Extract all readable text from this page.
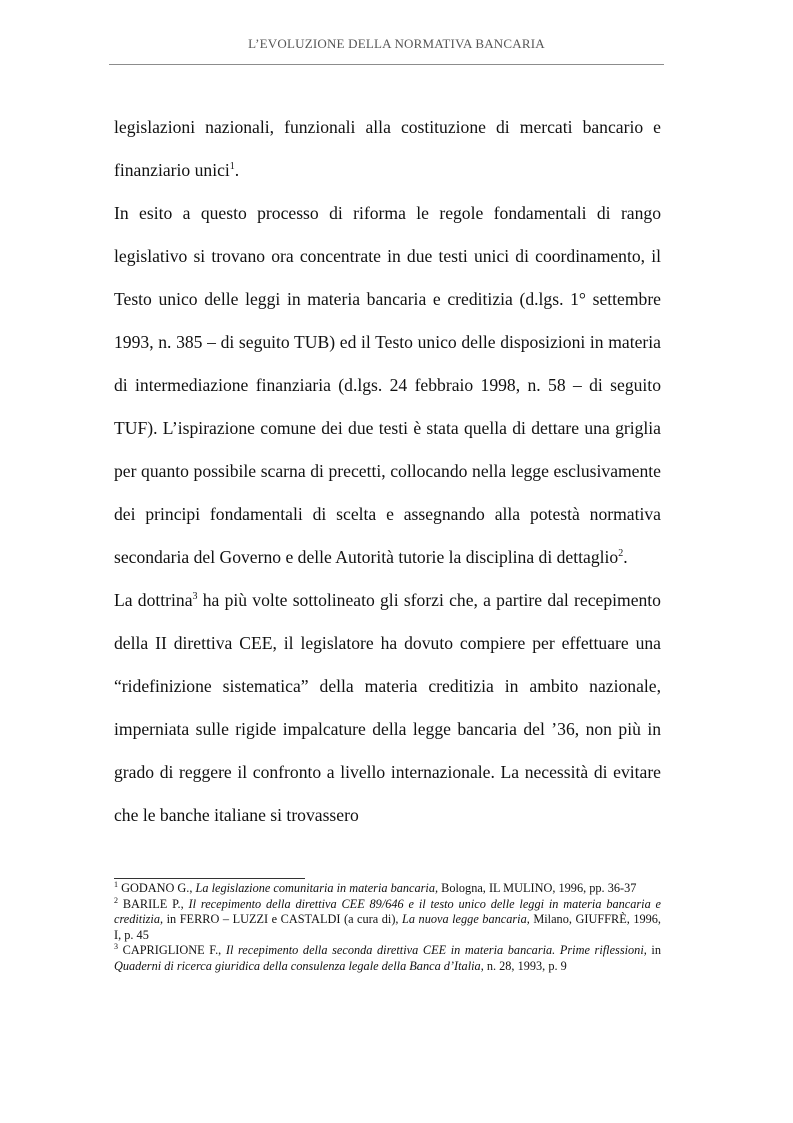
L’EVOLUZIONE DELLA NORMATIVA BANCARIA

legislazioni nazionali, funzionali alla costituzione di mercati bancario e finanziario unici$^1$.

In esito a questo processo di riforma le regole fondamentali di rango legislativo si trovano ora concentrate in due testi unici di coordinamento, il Testo unico delle leggi in materia bancaria e creditizia (d.lgs. 1° settembre 1993, n. 385 – di seguito TUB) ed il Testo unico delle disposizioni in materia di intermediazione finanziaria (d.lgs. 24 febbraio 1998, n. 58 – di seguito TUF). L’ispirazione comune dei due testi è stata quella di dettare una griglia per quanto possibile scarna di precetti, collocando nella legge esclusivamente dei principi fondamentali di scelta e assegnando alla potestà normativa secondaria del Governo e delle Autorità tutorie la disciplina di dettaglio$^2$.

La dottrina$^3$ ha più volte sottolineato gli sforzi che, a partire dal recepimento della II direttiva CEE, il legislatore ha dovuto compiere per effettuare una “ridefinizione sistematica” della materia creditizia in ambito nazionale, imperniata sulle rigide impalcature della legge bancaria del ’36, non più in grado di reggere il confronto a livello internazionale. La necessità di evitare che le banche italiane si trovassero

$^1$ GODANO G., La legislazione comunitaria in materia bancaria, Bologna, IL MULINO, 1996, pp. 36-37

$^2$ BARILE P., Il recepimento della direttiva CEE 89/646 e il testo unico delle leggi in materia bancaria e creditizia, in FERRO – LUZZI e CASTALDI (a cura di), La nuova legge bancaria, Milano, GIUFFRÈ, 1996, I, p. 45

$^3$ CAPRIGLIONE F., Il recepimento della seconda direttiva CEE in materia bancaria. Prime riflessioni, in Quaderni di ricerca giuridica della consulenza legale della Banca d’Italia, n. 28, 1993, p. 9
